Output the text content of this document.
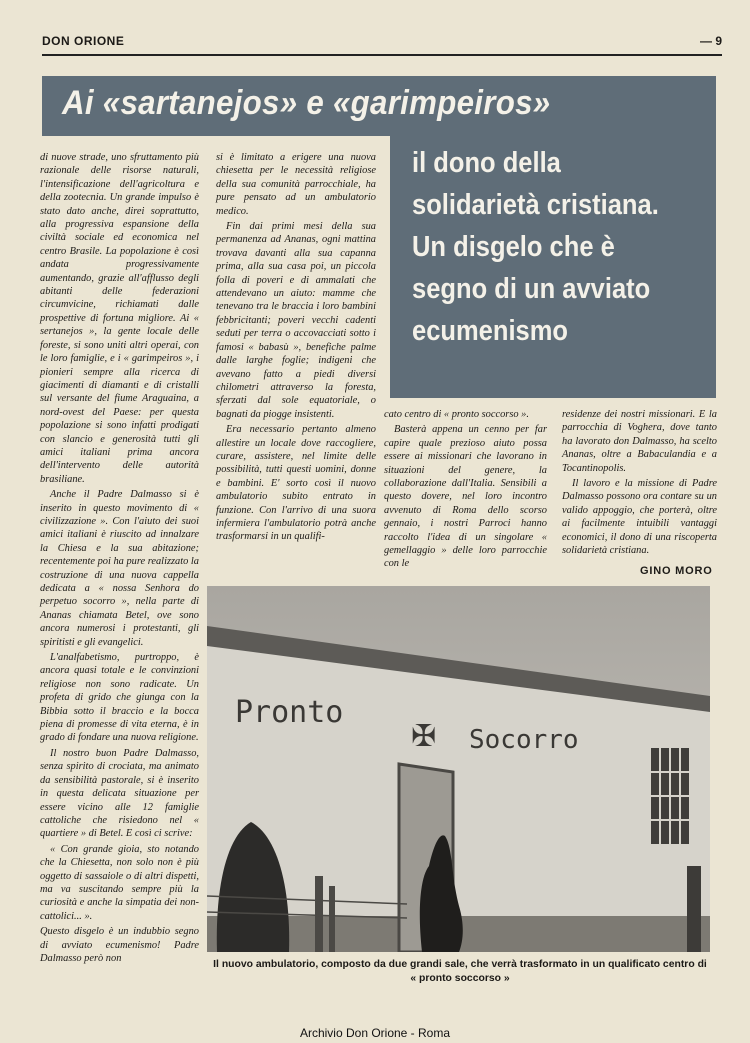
DON ORIONE	— 9
Ai «sartanejos» e «garimpeiros»
il dono della solidarietà cristiana. Un disgelo che è segno di un avviato ecumenismo

di nuove strade, uno sfruttamento più razionale delle risorse naturali, l'intensificazione dell'agricoltura e della zootecnia. Un grande impulso è stato dato anche, direi soprattutto, alla progressiva espansione della civiltà sociale ed economica nel centro Brasile. La popolazione è così andata progressivamente aumentando, grazie all'afflusso degli abitanti delle federazioni circumvicine, richiamati dalle prospettive di fortuna migliore. Ai « sertanejos », la gente locale delle foreste, si sono uniti altri operai, con le loro famiglie, e i « garimpeiros », i pionieri sempre alla ricerca di giacimenti di diamanti e di cristalli sul versante del fiume Araguaina, a nord-ovest del Paese: per questa popolazione si sono infatti prodigati con slancio e generosità tutti gli amici italiani prima ancora dell'intervento delle autorità brasiliane.

Anche il Padre Dalmasso si è inserito in questo movimento di « civilizzazione ». Con l'aiuto dei suoi amici italiani è riuscito ad innalzare la Chiesa e la sua abitazione; recentemente poi ha pure realizzato la costruzione di una nuova cappella dedicata a « nossa Senhora do perpetuo socorro », nella parte di Ananas chiamata Betel, ove sono ancora numerosi i protestanti, gli spiritisti e gli evangelici.

L'analfabetismo, purtroppo, è ancora quasi totale e le convinzioni religiose non sono radicate. Un profeta di grido che giunga con la Bibbia sotto il braccio e la bocca piena di promesse di vita eterna, è in grado di fondare una nuova religione.

Il nostro buon Padre Dalmasso, senza spirito di crociata, ma animato da sensibilità pastorale, si è inserito in questa delicata situazione per essere vicino alle 12 famiglie cattoliche che risiedono nel « quartiere » di Betel. E così ci scrive:

« Con grande gioia, sto notando che la Chiesetta, non solo non è più oggetto di sassaiole o di altri dispetti, ma va suscitando sempre più la curiosità e anche la simpatia dei non-cattolici... ».

Questo disgelo è un indubbio segno di avviato ecumenismo! Padre Dalmasso però non

si è limitato a erigere una nuova chiesetta per le necessità religiose della sua comunità parrocchiale, ha pure pensato ad un ambulatorio medico.

Fin dai primi mesi della sua permanenza ad Ananas, ogni mattina trovava davanti alla sua capanna prima, alla sua casa poi, un piccola folla di poveri e di ammalati che attendevano un aiuto: mamme che tenevano tra le braccia i loro bambini febbricitanti; poveri vecchi cadenti seduti per terra o accovacciati sotto i famosi « babasù », benefiche palme dalle larghe foglie; indigeni che avevano fatto a piedi diversi chilometri attraverso la foresta, sferzati dal sole equatoriale, o bagnati da piogge insistenti.

Era necessario pertanto almeno allestire un locale dove raccogliere, curare, assistere, nel limite delle possibilità, tutti questi uomini, donne e bambini. E' sorto così il nuovo ambulatorio subito entrato in funzione. Con l'arrivo di una suora infermiera l'ambulatorio potrà anche trasformarsi in un qualifi-

cato centro di « pronto soccorso ».

Basterà appena un cenno per far capire quale prezioso aiuto possa essere ai missionari che lavorano in situazioni del genere, la collaborazione dall'Italia. Sensibili a questo dovere, nel loro incontro avvenuto di Roma dello scorso gennaio, i nostri Parroci hanno raccolto l'idea di un singolare « gemellaggio » delle loro parrocchie con le

residenze dei nostri missionari. E la parrocchia di Voghera, dove tanto ha lavorato don Dalmasso, ha scelto Ananas, oltre a Babaculandia e a Tocantinopolis.

Il lavoro e la missione di Padre Dalmasso possono ora contare su un valido appoggio, che porterà, oltre ai facilmente intuibili vantaggi economici, il dono di una riscoperta solidarietà cristiana.

GINO MORO
Pronto
✠ Socorro
Il nuovo ambulatorio, composto da due grandi sale, che verrà trasformato in un qualificato centro di « pronto soccorso »
Archivio Don Orione - Roma
